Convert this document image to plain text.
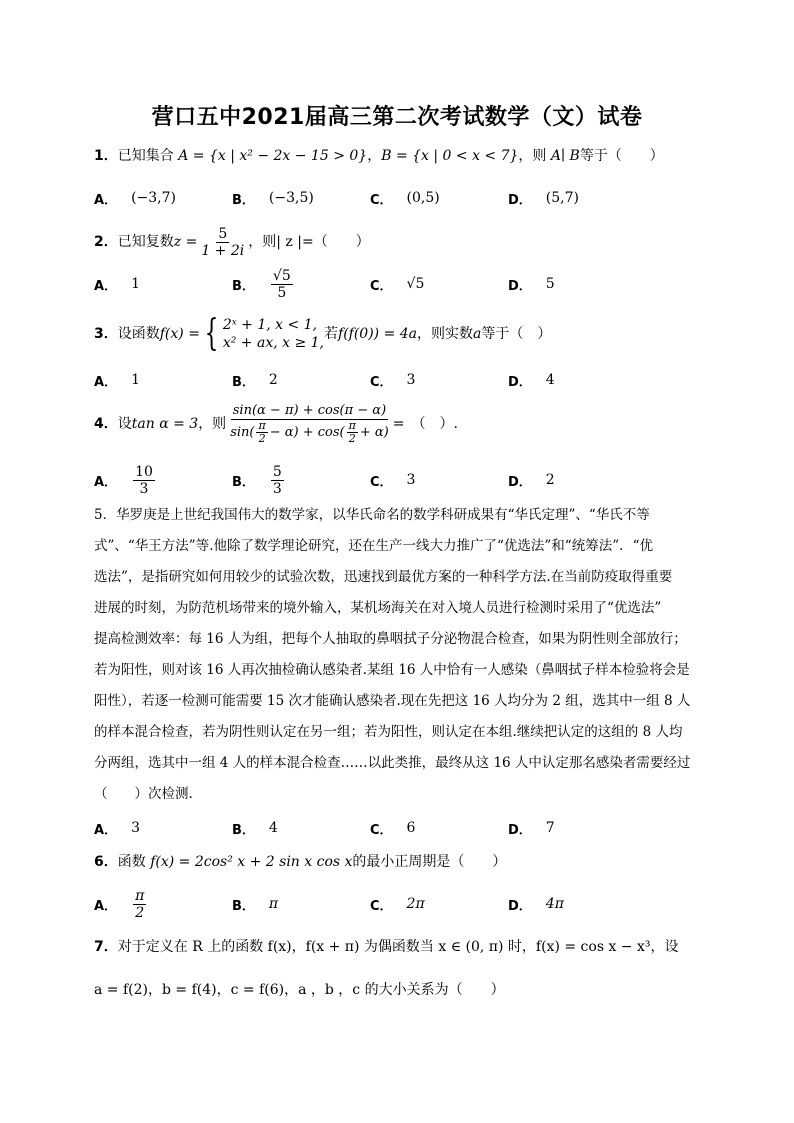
营口五中2021届高三第二次考试数学（文）试卷
1．已知集合 A = {x | x² − 2x − 15 > 0}，B = {x | 0 < x < 7}，则 A∣ B等于（　　）
A． (−3,7)	B． (−3,5)	C． (0,5)	D． (5,7)
2． 已知复数 $z = \frac{5}{1 + 2i}$ ，则| z |=（　　）
A． 1	B． $\frac{√5}{5}$	C． √5	D． 5
3． 设函数 f(x) = { 2ˣ + 1, x < 1,
x² + ax, x ≥ 1,
若 f(f(0)) = 4a ，则实数 a 等于（　）
A． 1	B． 2	C． 3	D． 4
4． 设 tan α = 3 ，则 $\frac{\sin(\alpha - \pi) + \cos(\pi - \alpha)}{\sin( \frac{\pi}{2} - \alpha) + \cos( \frac{\pi}{2} + \alpha)}$ =　（　）.
A． $\frac{10}{3}$	B． $\frac{5}{3}$	C． 3	D． 2
5．华罗庚是上世纪我国伟大的数学家，以华氏命名的数学科研成果有“华氏定理”、“华氏不等
式”、“华王方法”等.他除了数学理论研究，还在生产一线大力推广了“优选法”和“统筹法”．“优
选法”，是指研究如何用较少的试验次数，迅速找到最优方案的一种科学方法.在当前防疫取得重要
进展的时刻，为防范机场带来的境外输入，某机场海关在对入境人员进行检测时采用了“优选法”
提高检测效率：每 16 人为组，把每个人抽取的鼻咽拭子分泌物混合检查，如果为阴性则全部放行；
若为阳性，则对该 16 人再次抽检确认感染者.某组 16 人中恰有一人感染（鼻咽拭子样本检验将会是
阳性），若逐一检测可能需要 15 次才能确认感染者.现在先把这 16 人均分为 2 组，选其中一组 8 人
的样本混合检查，若为阴性则认定在另一组；若为阳性，则认定在本组.继续把认定的这组的 8 人均
分两组，选其中一组 4 人的样本混合检查……以此类推，最终从这 16 人中认定那名感染者需要经过
（　　）次检测.
A． 3	B． 4	C． 6	D． 7
6．函数 f(x) = 2cos² x + 2 sin x cos x的最小正周期是（　　）
A． $\frac{\pi}{2}$	B． π	C． 2π	D． 4π
7．对于定义在 R 上的函数 f(x)，f(x + π) 为偶函数当 x ∈ (0, π) 时，f(x) = cos x − x³，设
a = f(2)，b = f(4)，c = f(6)，a ，b ，c 的大小关系为（　　）
